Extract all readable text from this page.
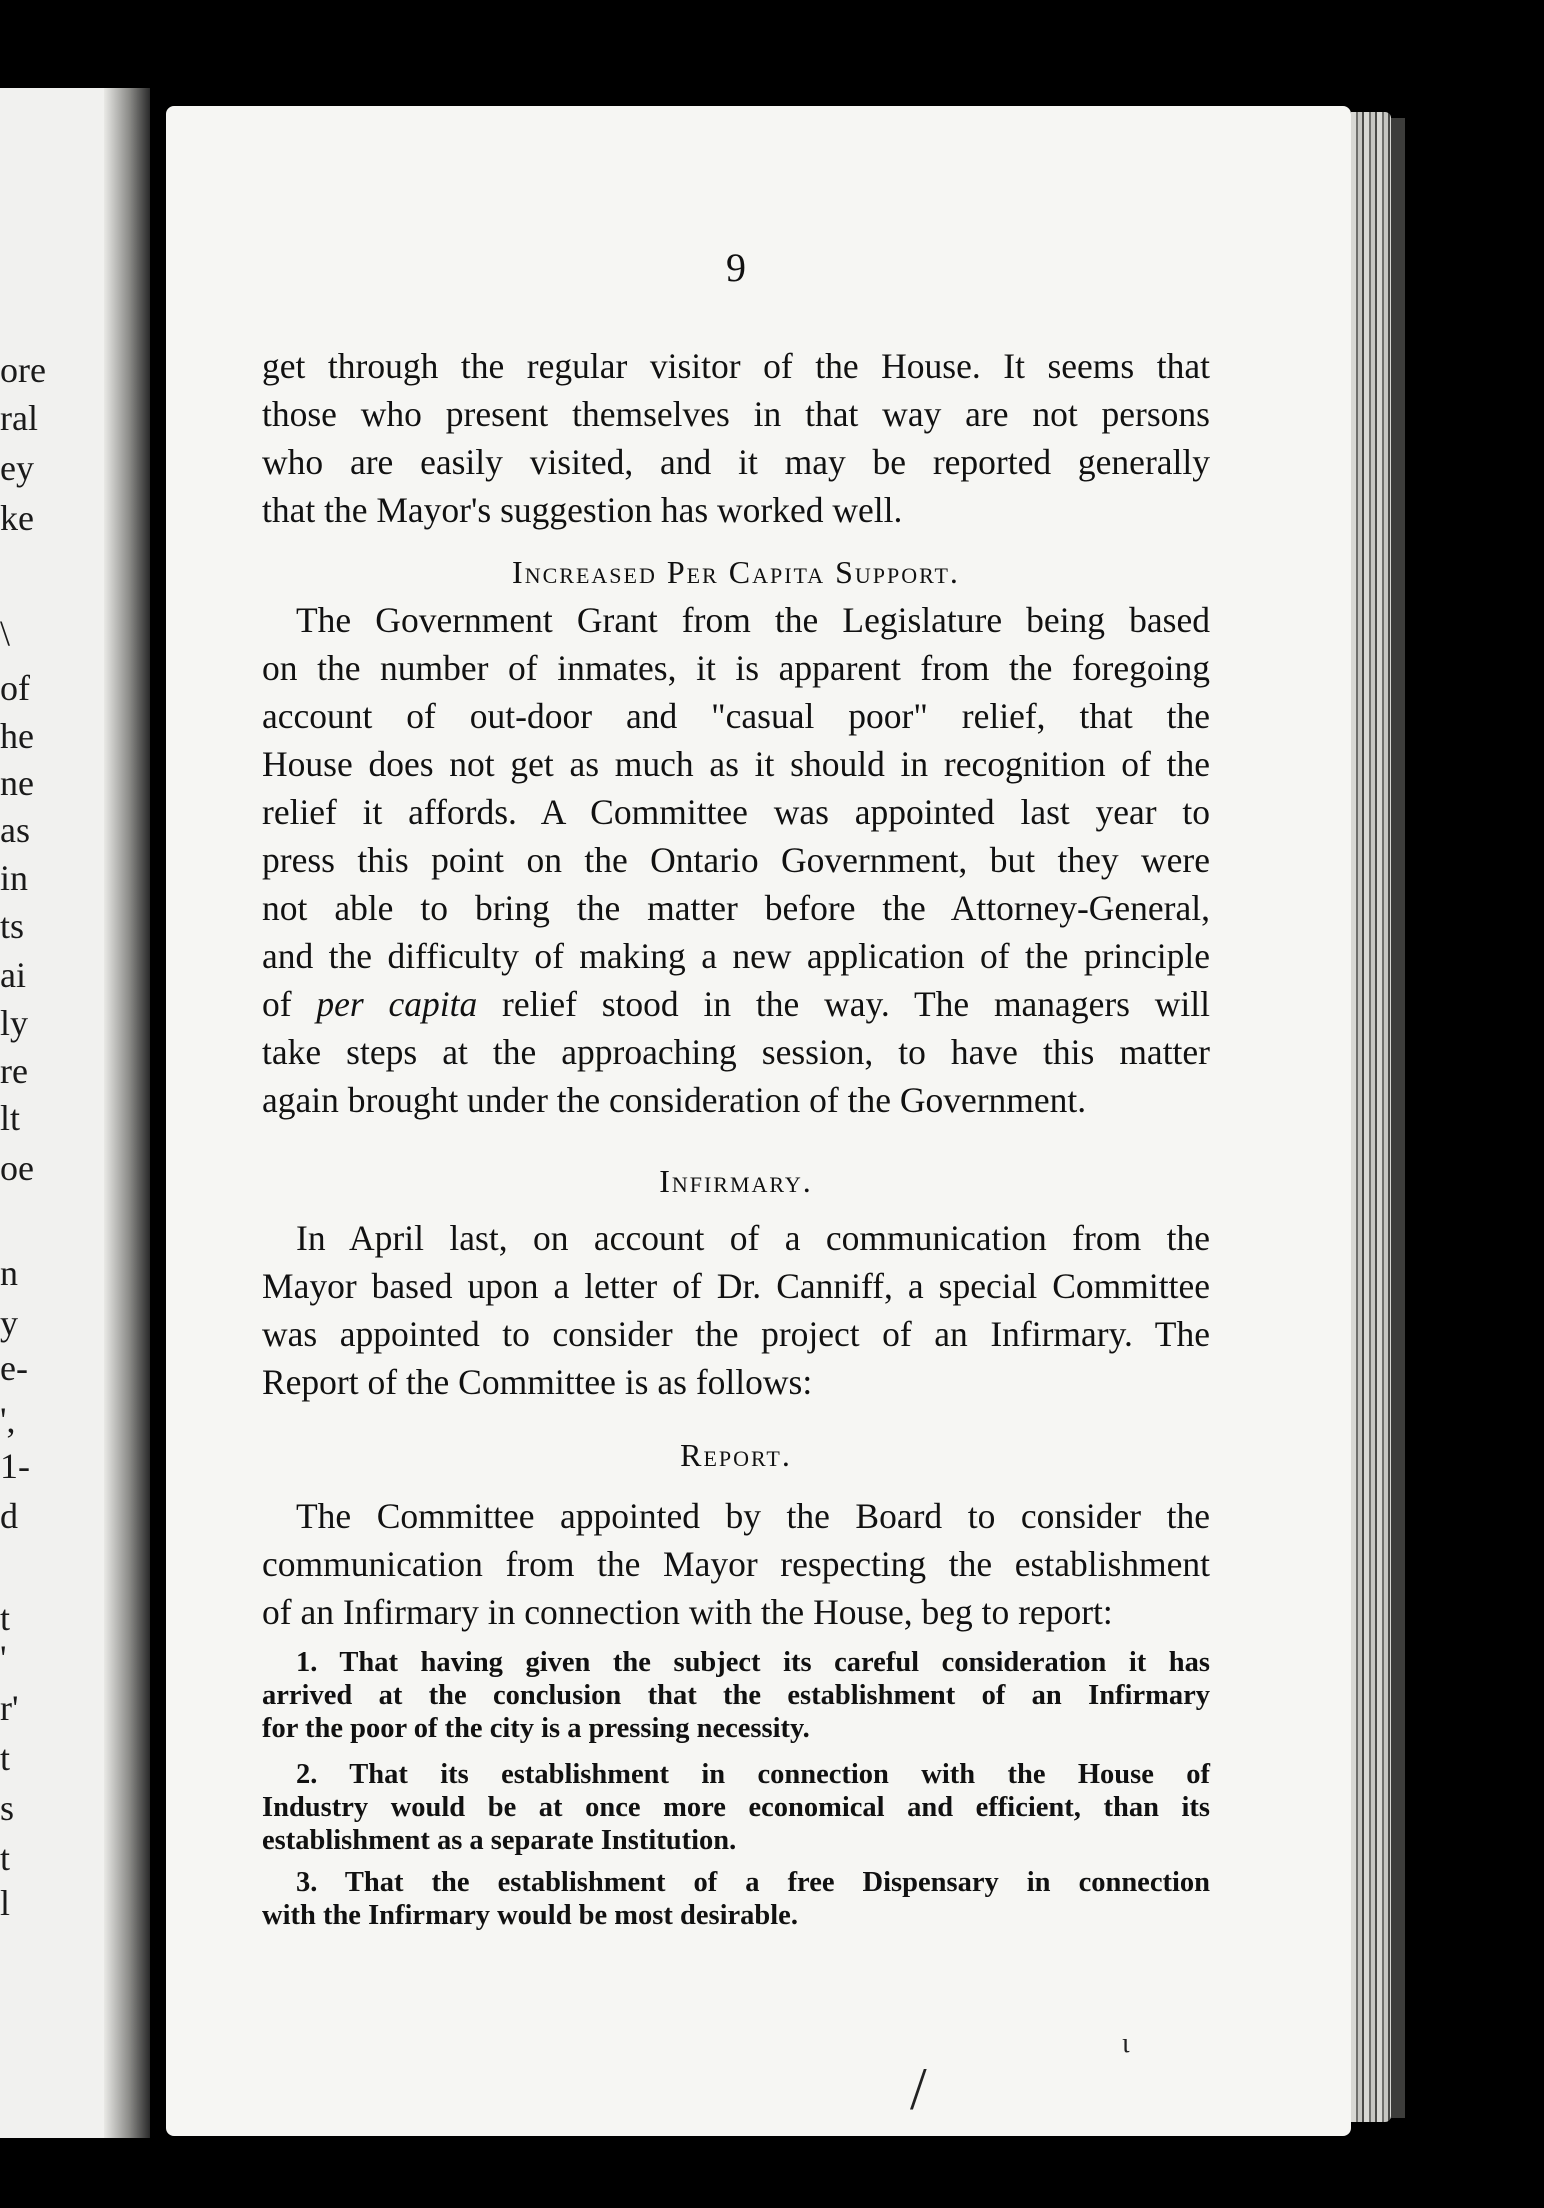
ore
ral
ey
ke
\
of
he
ne
as
in
ts
ai
ly
re
lt
oe
n
y
e-
',
1-
d
t
'
r'
t
s
t
l
9
get through the regular visitor of the House. It seems that
those who present themselves in that way are not persons
who are easily visited, and it may be reported generally
that the Mayor's suggestion has worked well.
Increased Per Capita Support.
The Government Grant from the Legislature being based
on the number of inmates, it is apparent from the foregoing
account of out-door and "casual poor" relief, that the
House does not get as much as it should in recognition of the
relief it affords. A Committee was appointed last year to
press this point on the Ontario Government, but they were
not able to bring the matter before the Attorney-General,
and the difficulty of making a new application of the principle
of per capita relief stood in the way. The managers will
take steps at the approaching session, to have this matter
again brought under the consideration of the Government.
Infirmary.
In April last, on account of a communication from the
Mayor based upon a letter of Dr. Canniff, a special Committee
was appointed to consider the project of an Infirmary. The
Report of the Committee is as follows:
Report.
The Committee appointed by the Board to consider the
communication from the Mayor respecting the establishment
of an Infirmary in connection with the House, beg to report:
1. That having given the subject its careful consideration it has
arrived at the conclusion that the establishment of an Infirmary
for the poor of the city is a pressing necessity.
2. That its establishment in connection with the House of
Industry would be at once more economical and efficient, than its
establishment as a separate Institution.
3. That the establishment of a free Dispensary in connection
with the Infirmary would be most desirable.
/
ι
